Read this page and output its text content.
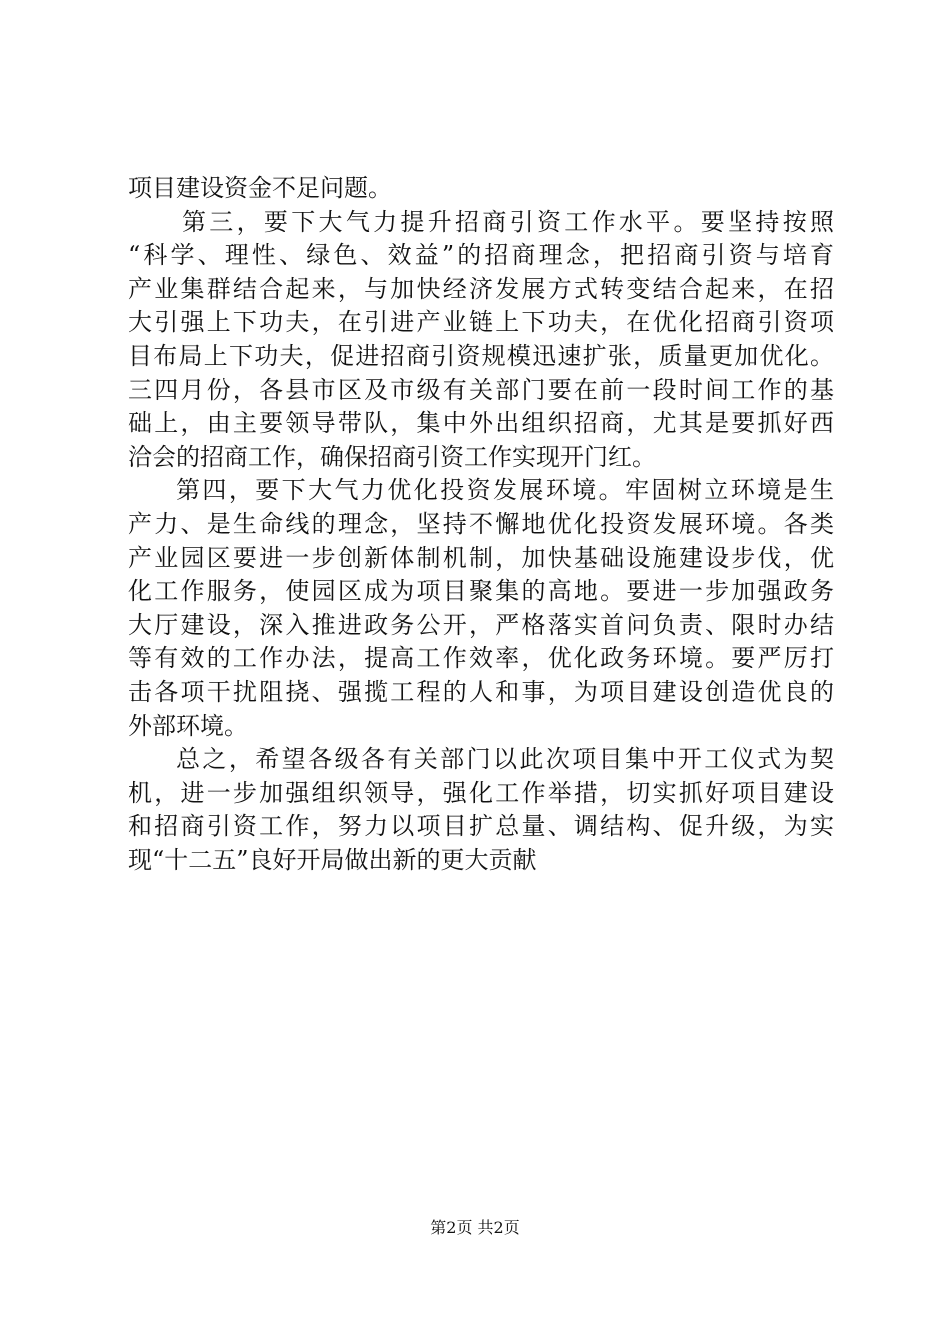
项目建设资金不足问题。
第三，要下大气力提升招商引资工作水平。要坚持按照
“科学、理性、绿色、效益”的招商理念，把招商引资与培育
产业集群结合起来，与加快经济发展方式转变结合起来，在招
大引强上下功夫，在引进产业链上下功夫，在优化招商引资项
目布局上下功夫，促进招商引资规模迅速扩张，质量更加优化。
三四月份，各县市区及市级有关部门要在前一段时间工作的基
础上，由主要领导带队，集中外出组织招商，尤其是要抓好西
洽会的招商工作，确保招商引资工作实现开门红。
第四，要下大气力优化投资发展环境。牢固树立环境是生
产力、是生命线的理念，坚持不懈地优化投资发展环境。各类
产业园区要进一步创新体制机制，加快基础设施建设步伐，优
化工作服务，使园区成为项目聚集的高地。要进一步加强政务
大厅建设，深入推进政务公开，严格落实首问负责、限时办结
等有效的工作办法，提高工作效率，优化政务环境。要严厉打
击各项干扰阻挠、强揽工程的人和事，为项目建设创造优良的
外部环境。
总之，希望各级各有关部门以此次项目集中开工仪式为契
机，进一步加强组织领导，强化工作举措，切实抓好项目建设
和招商引资工作，努力以项目扩总量、调结构、促升级，为实
现“十二五”良好开局做出新的更大贡献
第2页 共2页
